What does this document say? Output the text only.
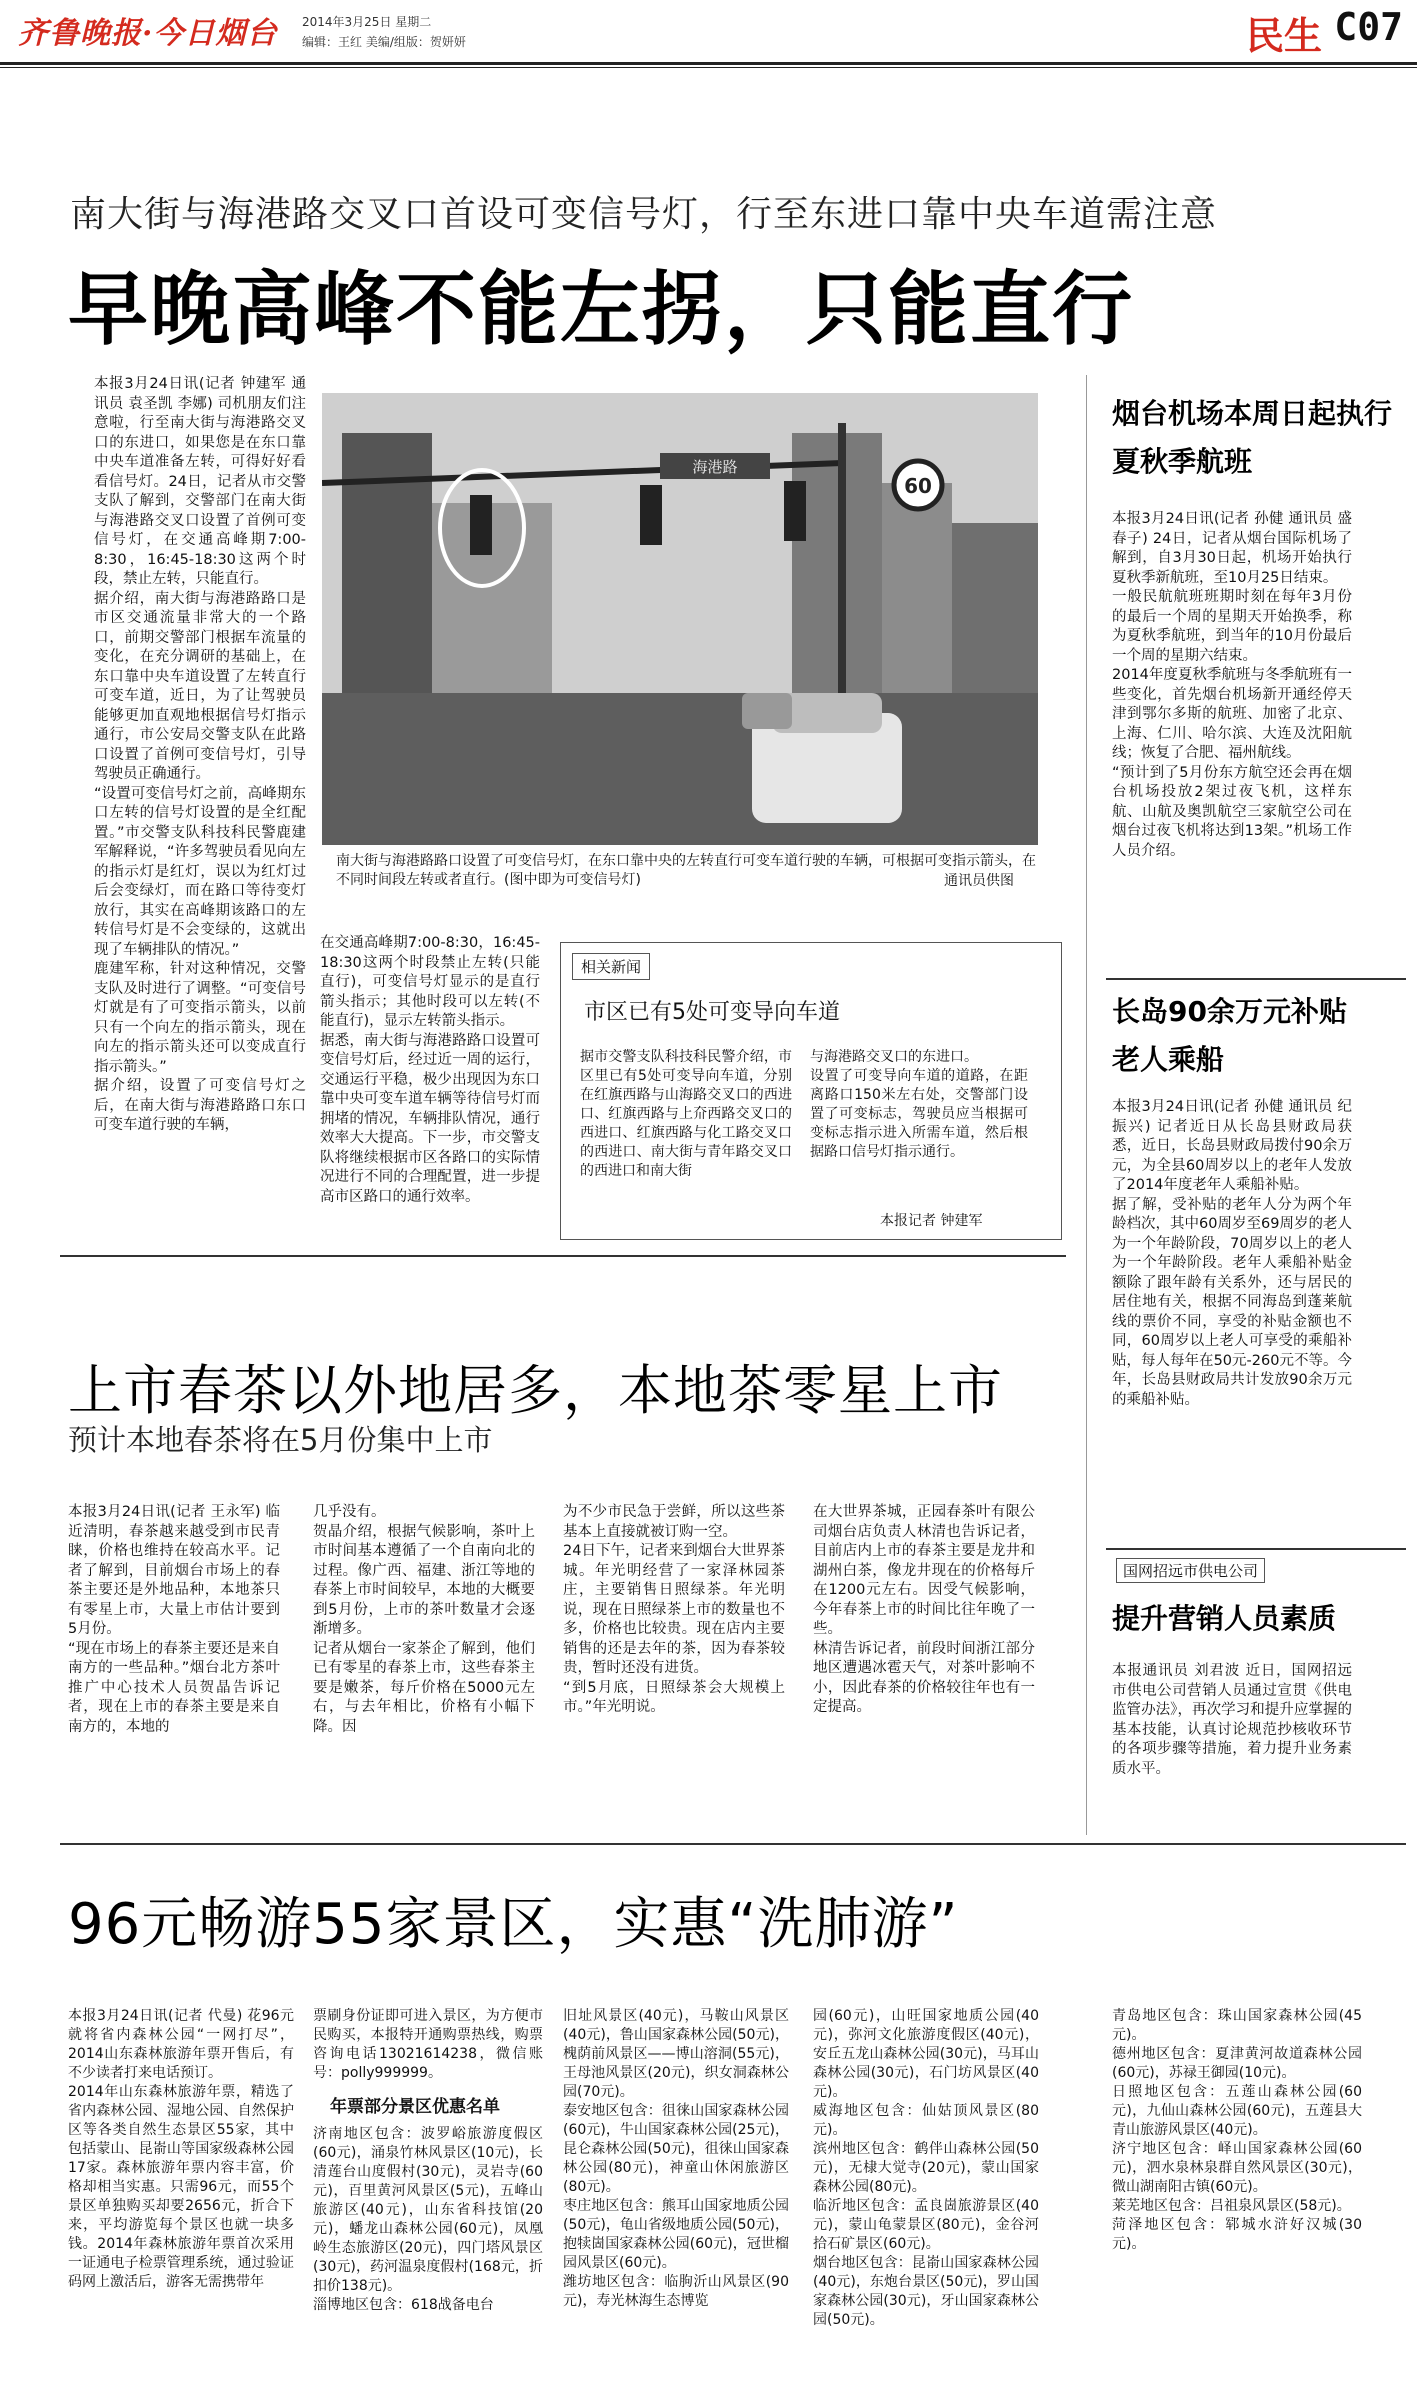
齐鲁晚报·今日烟台 2014年3月25日 星期二
编辑：王红 美编/组版：贺妍妍	民生 C07
南大街与海港路交叉口首设可变信号灯，行至东进口靠中央车道需注意
早晚高峰不能左拐，只能直行
本报3月24日讯(记者 钟建军 通讯员 袁圣凯 李娜) 司机朋友们注意啦，行至南大街与海港路交叉口的东进口，如果您是在东口靠中央车道准备左转，可得好好看看信号灯。24日，记者从市交警支队了解到，交警部门在南大街与海港路交叉口设置了首例可变信号灯，在交通高峰期7:00-8:30，16:45-18:30这两个时段，禁止左转，只能直行。
据介绍，南大街与海港路路口是市区交通流量非常大的一个路口，前期交警部门根据车流量的变化，在充分调研的基础上，在东口靠中央车道设置了左转直行可变车道，近日，为了让驾驶员能够更加直观地根据信号灯指示通行，市公安局交警支队在此路口设置了首例可变信号灯，引导驾驶员正确通行。
“设置可变信号灯之前，高峰期东口左转的信号灯设置的是全红配置。”市交警支队科技科民警鹿建军解释说，“许多驾驶员看见向左的指示灯是红灯，误以为红灯过后会变绿灯，而在路口等待变灯放行，其实在高峰期该路口的左转信号灯是不会变绿的，这就出现了车辆排队的情况。”
鹿建军称，针对这种情况，交警支队及时进行了调整。“可变信号灯就是有了可变指示箭头，以前只有一个向左的指示箭头，现在向左的指示箭头还可以变成直行指示箭头。”
据介绍，设置了可变信号灯之后，在南大街与海港路路口东口可变车道行驶的车辆，
60
海港路
南大街与海港路路口设置了可变信号灯，在东口靠中央的左转直行可变车道行驶的车辆，可根据可变指示箭头，在不同时间段左转或者直行。(图中即为可变信号灯)	通讯员供图
在交通高峰期7:00-8:30，16:45-18:30这两个时段禁止左转(只能直行)，可变信号灯显示的是直行箭头指示；其他时段可以左转(不能直行)，显示左转箭头指示。
据悉，南大街与海港路路口设置可变信号灯后，经过近一周的运行，交通运行平稳，极少出现因为东口靠中央可变车道车辆等待信号灯而拥堵的情况，车辆排队情况，通行效率大大提高。下一步，市交警支队将继续根据市区各路口的实际情况进行不同的合理配置，进一步提高市区路口的通行效率。
相关新闻
市区已有5处可变导向车道
据市交警支队科技科民警介绍，市区里已有5处可变导向车道，分别在红旗西路与山海路交叉口的西进口、红旗西路与上夼西路交叉口的西进口、红旗西路与化工路交叉口的西进口、南大街与青年路交叉口的西进口和南大街
与海港路交叉口的东进口。
设置了可变导向车道的道路，在距离路口150米左右处，交警部门设置了可变标志，驾驶员应当根据可变标志指示进入所需车道，然后根据路口信号灯指示通行。
本报记者 钟建军
烟台机场本周日起执行夏秋季航班
本报3月24日讯(记者 孙健 通讯员 盛春子) 24日，记者从烟台国际机场了解到，自3月30日起，机场开始执行夏秋季新航班，至10月25日结束。
一般民航航班班期时刻在每年3月份的最后一个周的星期天开始换季，称为夏秋季航班，到当年的10月份最后一个周的星期六结束。
2014年度夏秋季航班与冬季航班有一些变化，首先烟台机场新开通经停天津到鄂尔多斯的航班、加密了北京、上海、仁川、哈尔滨、大连及沈阳航线；恢复了合肥、福州航线。
“预计到了5月份东方航空还会再在烟台机场投放2架过夜飞机，这样东航、山航及奥凯航空三家航空公司在烟台过夜飞机将达到13架。”机场工作人员介绍。
长岛90余万元补贴老人乘船
本报3月24日讯(记者 孙健 通讯员 纪振兴) 记者近日从长岛县财政局获悉，近日，长岛县财政局拨付90余万元，为全县60周岁以上的老年人发放了2014年度老年人乘船补贴。
据了解，受补贴的老年人分为两个年龄档次，其中60周岁至69周岁的老人为一个年龄阶段，70周岁以上的老人为一个年龄阶段。老年人乘船补贴金额除了跟年龄有关系外，还与居民的居住地有关，根据不同海岛到蓬莱航线的票价不同，享受的补贴金额也不同，60周岁以上老人可享受的乘船补贴，每人每年在50元-260元不等。今年，长岛县财政局共计发放90余万元的乘船补贴。
国网招远市供电公司
提升营销人员素质
本报通讯员 刘君波 近日，国网招远市供电公司营销人员通过宣贯《供电监管办法》，再次学习和提升应掌握的基本技能，认真讨论规范抄核收环节的各项步骤等措施，着力提升业务素质水平。
上市春茶以外地居多，本地茶零星上市
预计本地春茶将在5月份集中上市
本报3月24日讯(记者 王永军) 临近清明，春茶越来越受到市民青睐，价格也维持在较高水平。记者了解到，目前烟台市场上的春茶主要还是外地品种，本地茶只有零星上市，大量上市估计要到5月份。
“现在市场上的春茶主要还是来自南方的一些品种。”烟台北方茶叶推广中心技术人员贺晶告诉记者，现在上市的春茶主要是来自南方的，本地的
几乎没有。
贺晶介绍，根据气候影响，茶叶上市时间基本遵循了一个自南向北的过程。像广西、福建、浙江等地的春茶上市时间较早，本地的大概要到5月份，上市的茶叶数量才会逐渐增多。
记者从烟台一家茶企了解到，他们已有零星的春茶上市，这些春茶主要是嫩茶，每斤价格在5000元左右，与去年相比，价格有小幅下降。因
为不少市民急于尝鲜，所以这些茶基本上直接就被订购一空。
24日下午，记者来到烟台大世界茶城。年光明经营了一家泽林园茶庄，主要销售日照绿茶。年光明说，现在日照绿茶上市的数量也不多，价格也比较贵。现在店内主要销售的还是去年的茶，因为春茶较贵，暂时还没有进货。
“到5月底，日照绿茶会大规模上市。”年光明说。
在大世界茶城，正园春茶叶有限公司烟台店负责人林清也告诉记者，目前店内上市的春茶主要是龙井和湖州白茶，像龙井现在的价格每斤在1200元左右。因受气候影响，今年春茶上市的时间比往年晚了一些。
林清告诉记者，前段时间浙江部分地区遭遇冰雹天气，对茶叶影响不小，因此春茶的价格较往年也有一定提高。
96元畅游55家景区，实惠“洗肺游”
本报3月24日讯(记者 代曼) 花96元就将省内森林公园“一网打尽”，2014山东森林旅游年票开售后，有不少读者打来电话预订。
2014年山东森林旅游年票，精选了省内森林公园、湿地公园、自然保护区等各类自然生态景区55家，其中包括蒙山、昆嵛山等国家级森林公园17家。森林旅游年票内容丰富，价格却相当实惠。只需96元，而55个景区单独购买却要2656元，折合下来，平均游览每个景区也就一块多钱。2014年森林旅游年票首次采用一证通电子检票管理系统，通过验证码网上激活后，游客无需携带年
票刷身份证即可进入景区，为方便市民购买，本报特开通购票热线，购票咨询电话13021614238，微信账号：polly999999。
年票部分景区优惠名单
济南地区包含：波罗峪旅游度假区(60元)，涌泉竹林风景区(10元)，长清莲台山度假村(30元)，灵岩寺(60元)，百里黄河风景区(5元)，五峰山旅游区(40元)，山东省科技馆(20元)，蟠龙山森林公园(60元)，凤凰岭生态旅游区(20元)，四门塔风景区(30元)，药河温泉度假村(168元，折扣价138元)。
淄博地区包含：618战备电台
旧址风景区(40元)，马鞍山风景区(40元)，鲁山国家森林公园(50元)，槐荫前风景区——博山溶洞(55元)，王母池风景区(20元)，织女洞森林公园(70元)。
泰安地区包含：徂徕山国家森林公园(60元)，牛山国家森林公园(25元)，昆仑森林公园(50元)，徂徕山国家森林公园(80元)，神童山休闲旅游区(80元)。
枣庄地区包含：熊耳山国家地质公园(50元)，龟山省级地质公园(50元)，抱犊崮国家森林公园(60元)，冠世榴园风景区(60元)。
潍坊地区包含：临朐沂山风景区(90元)，寿光林海生态博览
园(60元)，山旺国家地质公园(40元)，弥河文化旅游度假区(40元)，安丘五龙山森林公园(30元)，马耳山森林公园(30元)，石门坊风景区(40元)。
威海地区包含：仙姑顶风景区(80元)。
滨州地区包含：鹤伴山森林公园(50元)，无棣大觉寺(20元)，蒙山国家森林公园(80元)。
临沂地区包含：孟良崮旅游景区(40元)，蒙山龟蒙景区(80元)，金谷河拾石矿景区(60元)。
烟台地区包含：昆嵛山国家森林公园(40元)，东炮台景区(50元)，罗山国家森林公园(30元)，牙山国家森林公园(50元)。
青岛地区包含：珠山国家森林公园(45元)。
德州地区包含：夏津黄河故道森林公园(60元)，苏禄王御园(10元)。
日照地区包含：五莲山森林公园(60元)，九仙山森林公园(60元)，五莲县大青山旅游风景区(40元)。
济宁地区包含：峄山国家森林公园(60元)，泗水泉林泉群自然风景区(30元)，微山湖南阳古镇(60元)。
莱芜地区包含：吕祖泉风景区(58元)。
菏泽地区包含：郓城水浒好汉城(30元)。
